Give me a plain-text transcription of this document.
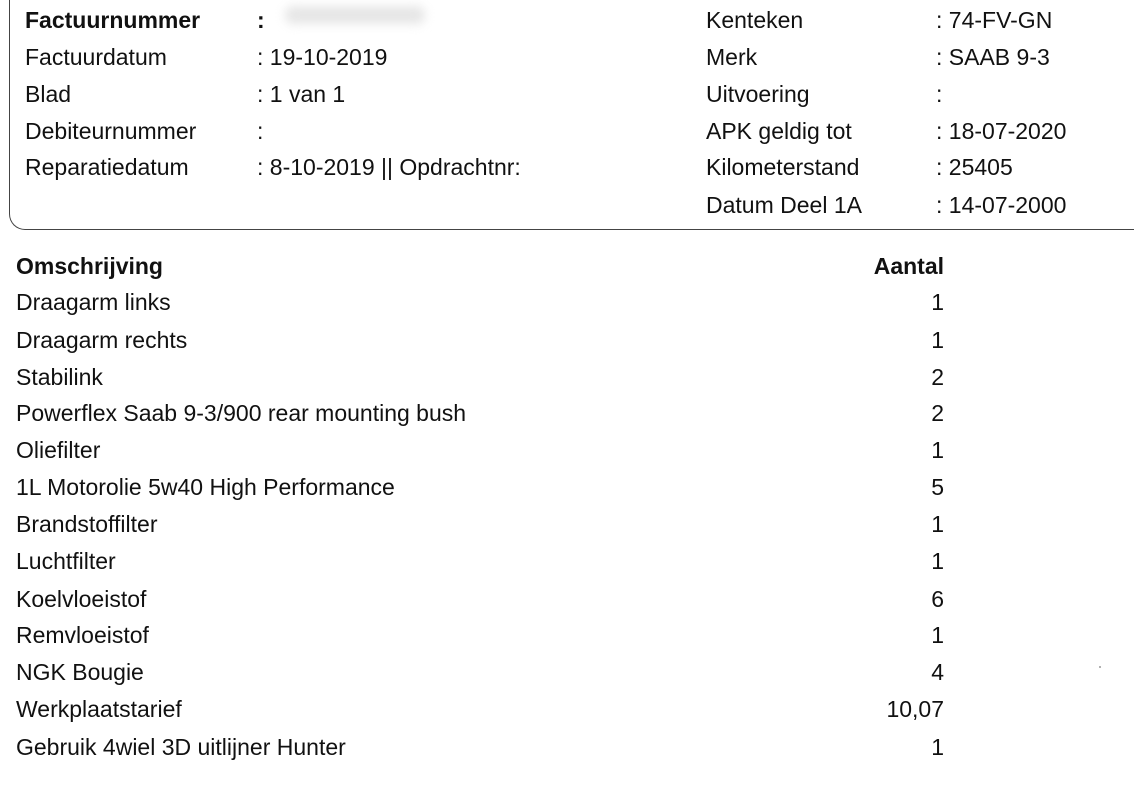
Factuurnummer :
Factuurdatum	: 19-10-2019
Blad	: 1 van 1
Debiteurnummer	:
Reparatiedatum	: 8-10-2019 || Opdrachtnr:
Kenteken	: 74-FV-GN
Merk	: SAAB 9-3
Uitvoering	:
APK geldig tot	: 18-07-2020
Kilometerstand	: 25405
Datum Deel 1A	: 14-07-2000
Omschrijving	Aantal
Draagarm links	1
Draagarm rechts	1
Stabilink	2
Powerflex Saab 9-3/900 rear mounting bush	2
Oliefilter	1
1L Motorolie 5w40 High Performance	5
Brandstoffilter	1
Luchtfilter	1
Koelvloeistof	6
Remvloeistof	1
NGK Bougie	4
Werkplaatstarief	10,07
Gebruik 4wiel 3D uitlijner Hunter	1
